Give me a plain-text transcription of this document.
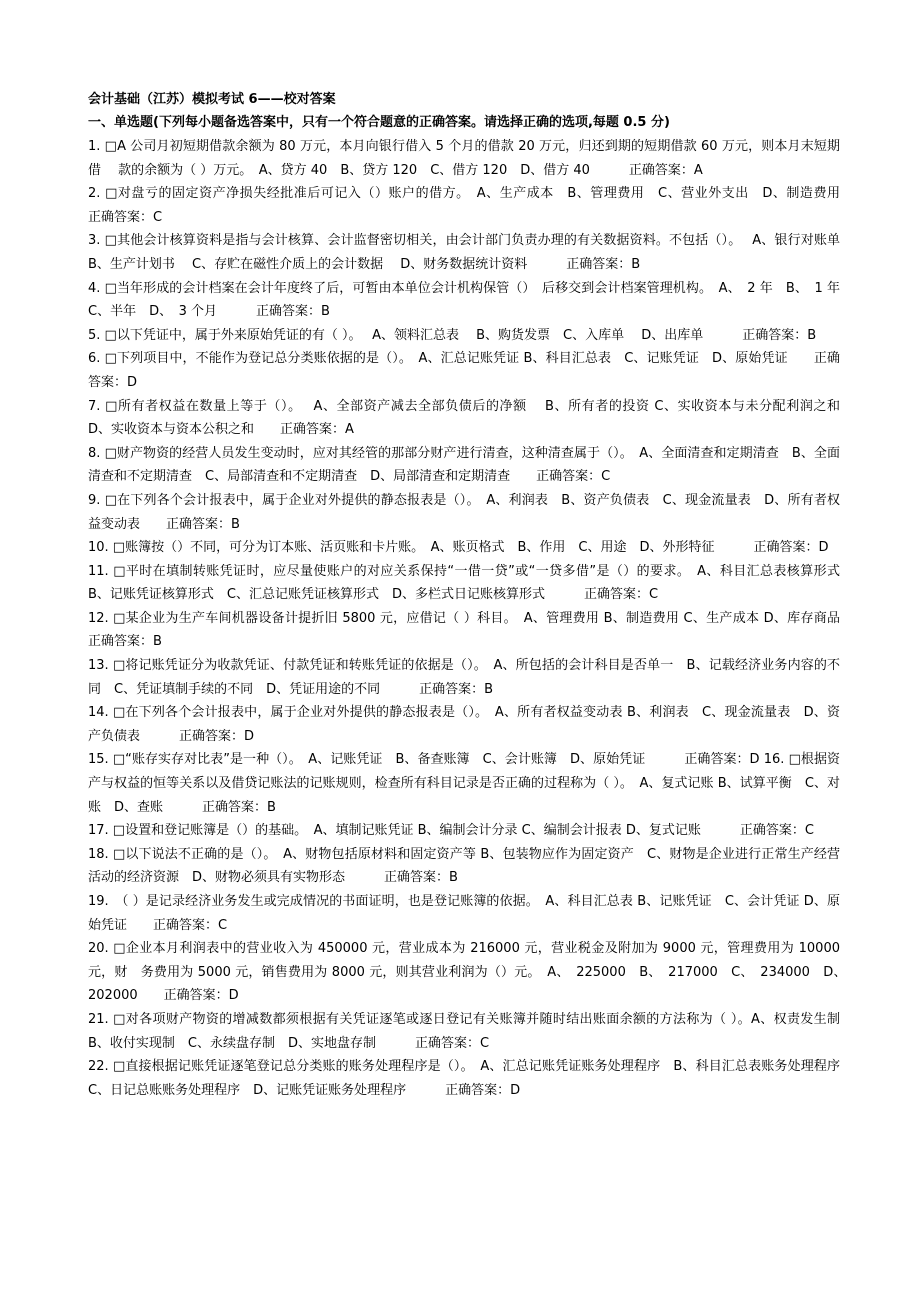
会计基础（江苏）模拟考试 6——校对答案
一、单选题(下列每小题备选答案中，只有一个符合题意的正确答案。请选择正确的选项,每题 0.5 分)

1. □A 公司月初短期借款余额为 80 万元，本月向银行借入 5 个月的借款 20 万元，归还到期的短期借款 60 万元，则本月末短期借　 款的余额为（ ）万元。　A、贷方 40　B、贷方 120　C、借方 120　D、借方 40　　　正确答案：A

2. □对盘亏的固定资产净损失经批准后可记入（）账户的借方。　A、生产成本　B、管理费用　C、营业外支出　D、制造费用　　　正确答案：C

3. □其他会计核算资料是指与会计核算、会计监督密切相关，由会计部门负责办理的有关数据资料。不包括（）。　 A、银行对账单　B、生产计划书　 C、存贮在磁性介质上的会计数据　 D、财务数据统计资料　　　正确答案：B

4. □当年形成的会计档案在会计年度终了后，可暂由本单位会计机构保管（）　后移交到会计档案管理机构。　A、　2 年　B、　1 年　 C、半年　D、　3 个月　　　正确答案：B

5. □以下凭证中，属于外来原始凭证的有（ ）。　 A、领料汇总表　 B、购货发票　C、入库单　 D、出库单　　　正确答案：B

6. □下列项目中，不能作为登记总分类账依据的是（）。　A、汇总记账凭证 B、科目汇总表　C、记账凭证　D、原始凭证　　正确答案：D

7. □所有者权益在数量上等于（）。　 A、全部资产减去全部负债后的净额　 B、所有者的投资 C、实收资本与未分配利润之和　D、实收资本与资本公积之和　　正确答案：A

8. □财产物资的经营人员发生变动时，应对其经管的那部分财产进行清查，这种清查属于（）。　A、全面清查和定期清查　B、全面清查和不定期清查　C、局部清查和不定期清查　D、局部清查和定期清查　　正确答案：C

9. □在下列各个会计报表中，属于企业对外提供的静态报表是（）。　A、利润表　B、资产负债表　C、现金流量表　D、所有者权益变动表　　正确答案：B

10. □账簿按（）不同，可分为订本账、活页账和卡片账。　A、账页格式　B、作用　C、用途　D、外形特征　　　正确答案：D

11. □平时在填制转账凭证时，应尽量使账户的对应关系保持“一借一贷”或“一贷多借”是（）的要求。　A、科目汇总表核算形式　B、记账凭证核算形式　C、汇总记账凭证核算形式　D、多栏式日记账核算形式　　　正确答案：C

12. □某企业为生产车间机器设备计提折旧 5800 元，应借记（ ）科目。　A、管理费用 B、制造费用 C、生产成本 D、库存商品　　　正确答案：B

13. □将记账凭证分为收款凭证、付款凭证和转账凭证的依据是（）。　A、所包括的会计科目是否单一　B、记载经济业务内容的不同　C、凭证填制手续的不同　D、凭证用途的不同　　　正确答案：B

14. □在下列各个会计报表中，属于企业对外提供的静态报表是（）。　A、所有者权益变动表 B、利润表　C、现金流量表　D、资产负债表　　　正确答案：D

15. □“账存实存对比表”是一种（）。　A、记账凭证　B、备查账簿　C、会计账簿　D、原始凭证　　　正确答案：D 16. □根据资产与权益的恒等关系以及借贷记账法的记账规则，检查所有科目记录是否正确的过程称为（ ）。　A、复式记账 B、试算平衡　C、对账　D、查账　　　正确答案：B

17. □设置和登记账簿是（）的基础。　A、填制记账凭证 B、编制会计分录 C、编制会计报表 D、复式记账　　　正确答案：C

18. □以下说法不正确的是（）。　A、财物包括原材料和固定资产等 B、包装物应作为固定资产　C、财物是企业进行正常生产经营活动的经济资源　D、财物必须具有实物形态　　　正确答案：B

19.　（ ）是记录经济业务发生或完成情况的书面证明，也是登记账簿的依据。　A、科目汇总表 B、记账凭证　C、会计凭证 D、原始凭证　　正确答案：C

20. □企业本月利润表中的营业收入为 450000 元，营业成本为 216000 元，营业税金及附加为 9000 元，管理费用为 10000 元，财　务费用为 5000 元，销售费用为 8000 元，则其营业利润为（）元。　A、　225000　B、　217000　C、　234000　D、　202000　　正确答案：D

21. □对各项财产物资的增减数都须根据有关凭证逐笔或逐日登记有关账簿并随时结出账面余额的方法称为（ ）。A、权责发生制　B、收付实现制　C、永续盘存制　D、实地盘存制　　　正确答案：C

22. □直接根据记账凭证逐笔登记总分类账的账务处理程序是（）。　A、汇总记账凭证账务处理程序　B、科目汇总表账务处理程序　C、日记总账账务处理程序　D、记账凭证账务处理程序　　　正确答案：D
